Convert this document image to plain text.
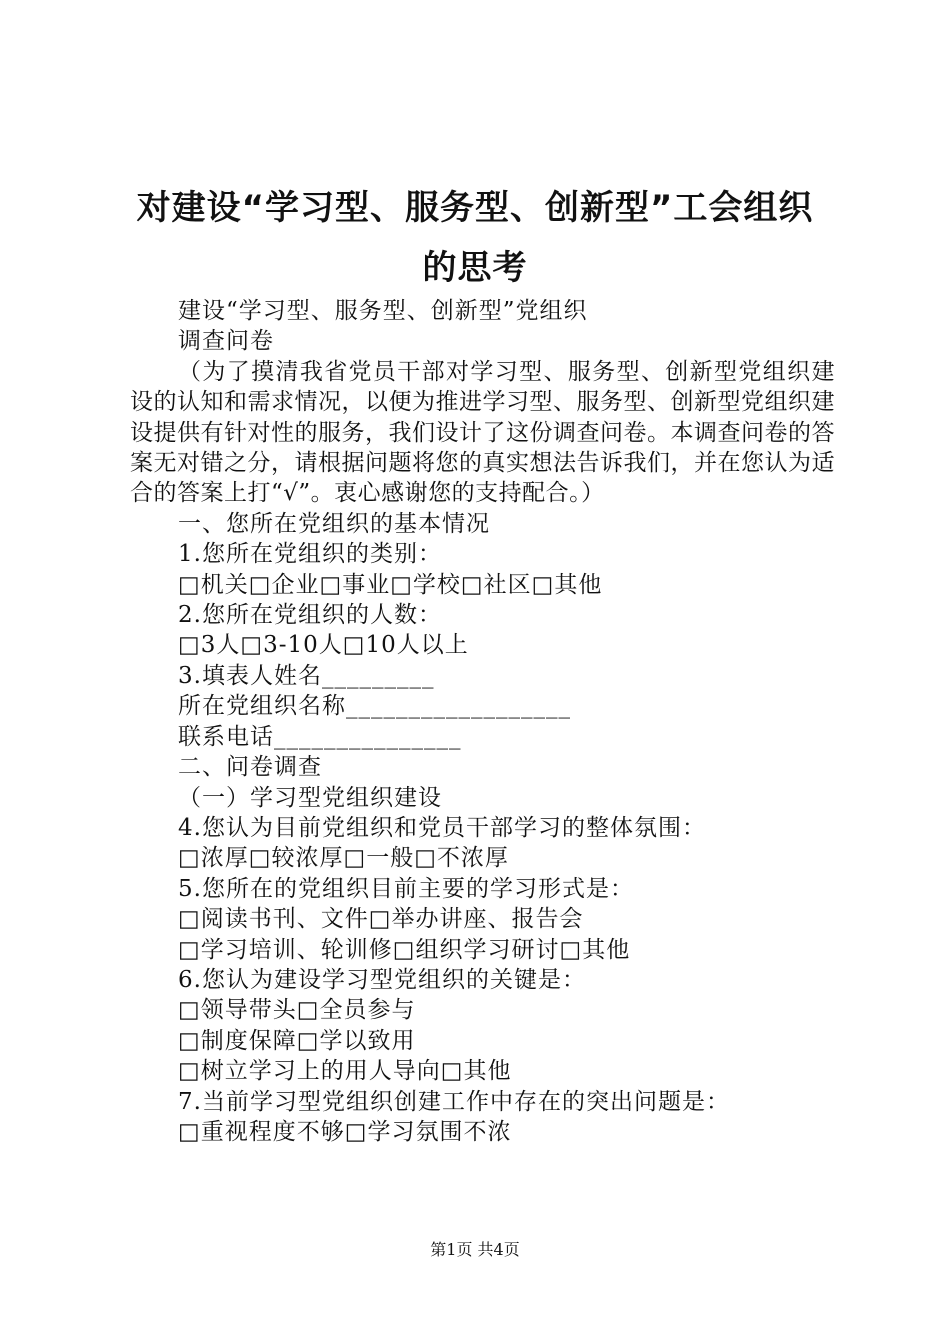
对建设“学习型、服务型、创新型”工会组织
的思考

建设“学习型、服务型、创新型”党组织

调查问卷

（为了摸清我省党员干部对学习型、服务型、创新型党组织建设的认知和需求情况，以便为推进学习型、服务型、创新型党组织建设提供有针对性的服务，我们设计了这份调查问卷。本调查问卷的答案无对错之分，请根据问题将您的真实想法告诉我们，并在您认为适合的答案上打“√”。衷心感谢您的支持配合。）

一、您所在党组织的基本情况

1.您所在党组织的类别：

□机关□企业□事业□学校□社区□其他

2.您所在党组织的人数：

□3人□3-10人□10人以上

3.填表人姓名_________

所在党组织名称__________________

联系电话_______________

二、问卷调查

（一）学习型党组织建设

4.您认为目前党组织和党员干部学习的整体氛围：

□浓厚□较浓厚□一般□不浓厚

5.您所在的党组织目前主要的学习形式是：

□阅读书刊、文件□举办讲座、报告会

□学习培训、轮训修□组织学习研讨□其他

6.您认为建设学习型党组织的关键是：

□领导带头□全员参与

□制度保障□学以致用

□树立学习上的用人导向□其他

7.当前学习型党组织创建工作中存在的突出问题是：

□重视程度不够□学习氛围不浓

第1页 共4页
